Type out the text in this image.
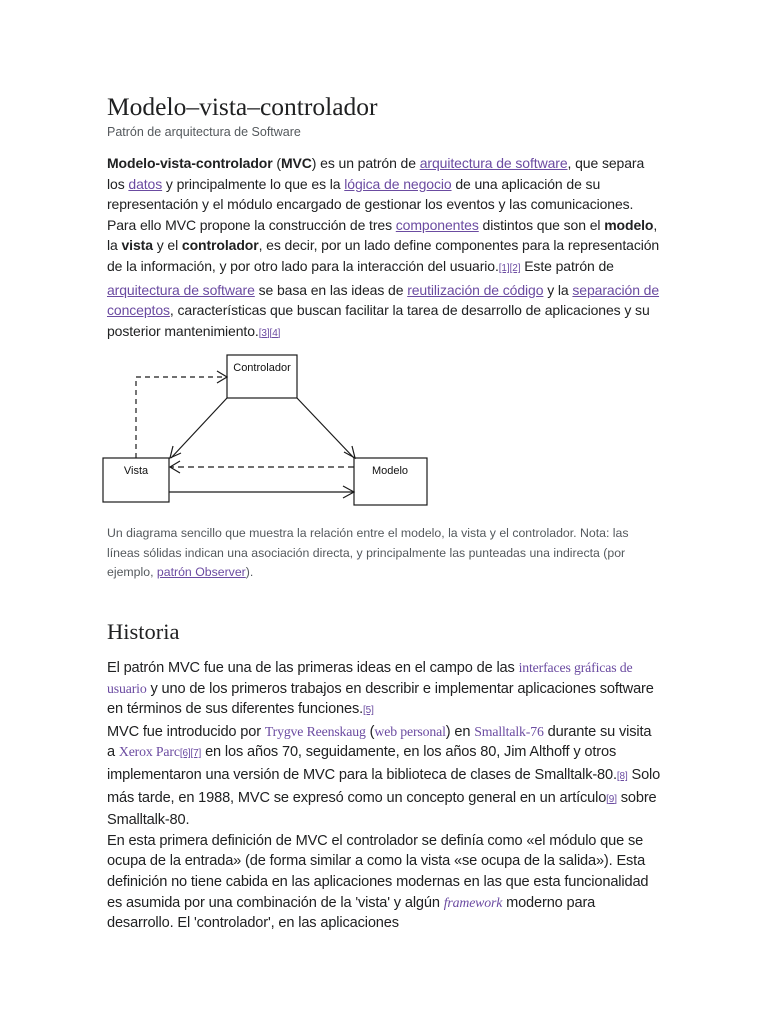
Modelo–vista–controlador

Patrón de arquitectura de Software

Modelo-vista-controlador (MVC) es un patrón de arquitectura de software, que separa los datos y principalmente lo que es la lógica de negocio de una aplicación de su representación y el módulo encargado de gestionar los eventos y las comunicaciones. Para ello MVC propone la construcción de tres componentes distintos que son el modelo, la vista y el controlador, es decir, por un lado define componentes para la representación de la información, y por otro lado para la interacción del usuario.[1][2] Este patrón de arquitectura de software se basa en las ideas de reutilización de código y la separación de conceptos, características que buscan facilitar la tarea de desarrollo de aplicaciones y su posterior mantenimiento.[3][4]

Controlador
Vista	Modelo

Un diagrama sencillo que muestra la relación entre el modelo, la vista y el controlador. Nota: las líneas sólidas indican una asociación directa, y principalmente las punteadas una indirecta (por ejemplo, patrón Observer).

Historia
El patrón MVC fue una de las primeras ideas en el campo de las interfaces gráficas de usuario y uno de los primeros trabajos en describir e implementar aplicaciones software en términos de sus diferentes funciones.[5]
MVC fue introducido por Trygve Reenskaug (web personal) en Smalltalk-76 durante su visita a Xerox Parc[6][7] en los años 70, seguidamente, en los años 80, Jim Althoff y otros implementaron una versión de MVC para la biblioteca de clases de Smalltalk-80.[8] Solo más tarde, en 1988, MVC se expresó como un concepto general en un artículo[9] sobre Smalltalk-80.
En esta primera definición de MVC el controlador se definía como «el módulo que se ocupa de la entrada» (de forma similar a como la vista «se ocupa de la salida»). Esta definición no tiene cabida en las aplicaciones modernas en las que esta funcionalidad es asumida por una combinación de la 'vista' y algún framework moderno para desarrollo. El 'controlador', en las aplicaciones
